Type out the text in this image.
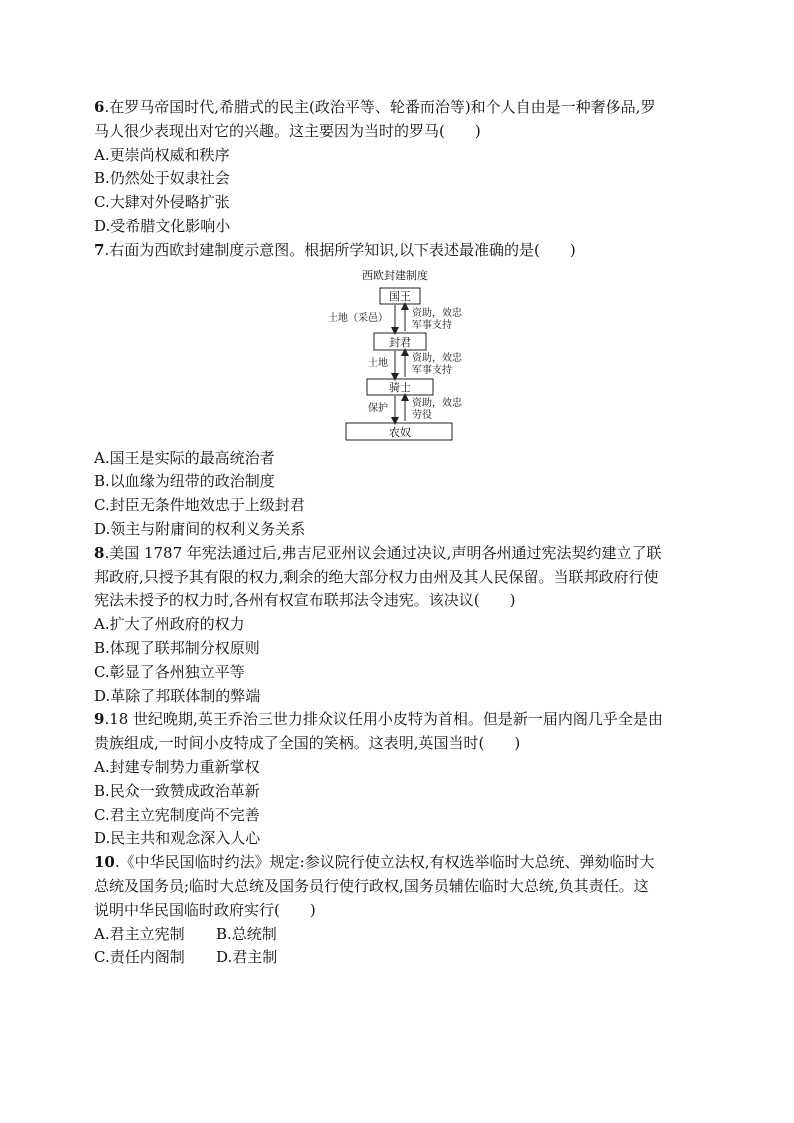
6.在罗马帝国时代,希腊式的民主(政治平等、轮番而治等)和个人自由是一种奢侈品,罗
马人很少表现出对它的兴趣。这主要因为当时的罗马(　　)
A.更崇尚权威和秩序
B.仍然处于奴隶社会
C.大肆对外侵略扩张
D.受希腊文化影响小
7.右面为西欧封建制度示意图。根据所学知识,以下表述最准确的是(　　)
西欧封建制度
国王
封君
骑士
农奴
土地（采邑）
土地
保护
资助，效忠
军事支持
资助，效忠
军事支持
资助，效忠
劳役
A.国王是实际的最高统治者
B.以血缘为纽带的政治制度
C.封臣无条件地效忠于上级封君
D.领主与附庸间的权利义务关系
8.美国 1787 年宪法通过后,弗吉尼亚州议会通过决议,声明各州通过宪法契约建立了联
邦政府,只授予其有限的权力,剩余的绝大部分权力由州及其人民保留。当联邦政府行使
宪法未授予的权力时,各州有权宣布联邦法令违宪。该决议(　　)
A.扩大了州政府的权力
B.体现了联邦制分权原则
C.彰显了各州独立平等
D.革除了邦联体制的弊端
9.18 世纪晚期,英王乔治三世力排众议任用小皮特为首相。但是新一届内阁几乎全是由
贵族组成,一时间小皮特成了全国的笑柄。这表明,英国当时(　　)
A.封建专制势力重新掌权
B.民众一致赞成政治革新
C.君主立宪制度尚不完善
D.民主共和观念深入人心
10.《中华民国临时约法》规定:参议院行使立法权,有权选举临时大总统、弹劾临时大
总统及国务员;临时大总统及国务员行使行政权,国务员辅佐临时大总统,负其责任。这
说明中华民国临时政府实行(　　)
A.君主立宪制	B.总统制
C.责任内阁制	D.君主制
